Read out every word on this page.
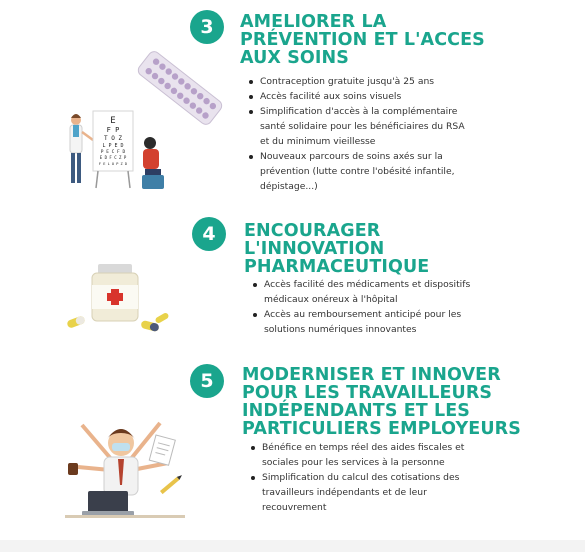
3 AMELIORER LA
PRÉVENTION ET L'ACCES
AUX SOINS
Contraception gratuite jusqu'à 25 ans
Accès facilité aux soins visuels
Simplification d'accès à la complémentaire
santé solidaire pour les bénéficiaires du RSA
et du minimum vieillesse
Nouveaux parcours de soins axés sur la
prévention (lutte contre l'obésité infantile,
dépistage...)
E
F P
T O Z
L P E D
P E C F D
E D F C Z P
F E L O P Z D
4 ENCOURAGER
L'INNOVATION
PHARMACEUTIQUE
Accès facilité des médicaments et dispositifs
médicaux onéreux à l'hôpital
Accès au remboursement anticipé pour les
solutions numériques innovantes
5 MODERNISER ET INNOVER
POUR LES TRAVAILLEURS
INDÉPENDANTS ET LES
PARTICULIERS EMPLOYEURS
Bénéfice en temps réel des aides fiscales et
sociales pour les services à la personne
Simplification du calcul des cotisations des
travailleurs indépendants et de leur
recouvrement
